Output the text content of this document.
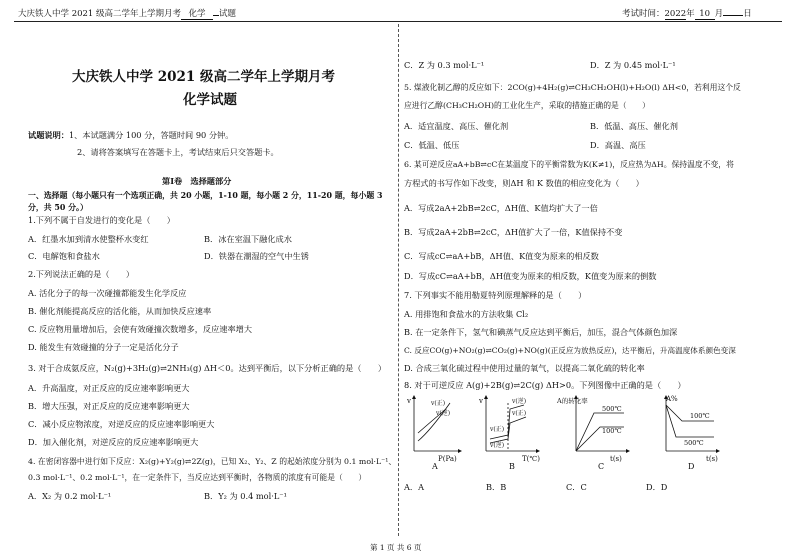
大庆铁人中学 2021 级高二学年上学期月考 化学 试题	考试时间：2022年 10 月 日
大庆铁人中学 2021 级高二学年上学期月考
化学试题
试题说明：1、本试题满分 100 分，答题时间 90 分钟。
2、请将答案填写在答题卡上，考试结束后只交答题卡。
第Ⅰ卷　选择题部分
一、选择题（每小题只有一个选项正确，共 20 小题，1-10 题，每小题 2 分，11-20 题，每小题 3
分，共 50 分。）
1.下列不属于自发进行的变化是（　　）
A．红墨水加到清水使整杯水变红	B．冰在室温下融化成水
C．电解饱和食盐水	D．铁器在潮湿的空气中生锈
2.下列说法正确的是（　　）
A. 活化分子的每一次碰撞都能发生化学反应
B. 催化剂能提高反应的活化能，从而加快反应速率
C. 反应物用量增加后，会使有效碰撞次数增多，反应速率增大
D. 能发生有效碰撞的分子一定是活化分子
3. 对于合成氨反应，N₂(g)+3H₂(g)⇌2NH₃(g) ΔH＜0。达到平衡后，以下分析正确的是（　　）
A．升高温度，对正反应的反应速率影响更大
B．增大压强，对正反应的反应速率影响更大
C．减小反应物浓度，对逆反应的反应速率影响更大
D．加入催化剂，对逆反应的反应速率影响更大
4. 在密闭容器中进行如下反应：X₂(g)+Y₂(g)⇌2Z(g)，已知 X₂、Y₂、Z 的起始浓度分别为 0.1 mol·L⁻¹、
0.3 mol·L⁻¹、0.2 mol·L⁻¹，在一定条件下，当反应达到平衡时，各物质的浓度有可能是（　　）
A．X₂ 为 0.2 mol·L⁻¹	B．Y₂ 为 0.4 mol·L⁻¹
C．Z 为 0.3 mol·L⁻¹	D．Z 为 0.45 mol·L⁻¹
5. 煤液化制乙醇的反应如下：2CO(g)+4H₂(g)⇌CH₃CH₂OH(l)+H₂O(l) ΔH<0，若利用这个反
应进行乙醇(CH₃CH₂OH)的工业化生产，采取的措施正确的是（　　）
A．适宜温度、高压、催化剂	B．低温、高压、催化剂
C．低温、低压	D．高温、高压
6. 某可逆反应aA+bB⇌cC在某温度下的平衡常数为K(K≠1)，反应热为ΔH。保持温度不变，将
方程式的书写作如下改变，则ΔH 和 K 数值的相应变化为（　　）
A．写成2aA+2bB⇌2cC，ΔH值、K值均扩大了一倍
B．写成2aA+2bB⇌2cC，ΔH值扩大了一倍，K值保持不变
C．写成cC⇌aA+bB，ΔH值、K值变为原来的相反数
D．写成cC⇌aA+bB，ΔH值变为原来的相反数，K值变为原来的倒数
7. 下列事实不能用勒夏特列原理解释的是（　　）
A. 用排饱和食盐水的方法收集 Cl₂
B. 在一定条件下，氢气和碘蒸气反应达到平衡后，加压，混合气体颜色加深
C. 反应CO(g)+NO₂(g)⇌CO₂(g)+NO(g)(正反应为放热反应)，达平衡后，升高温度体系颜色变深
D. 合成三氧化硫过程中使用过量的氧气，以提高二氧化硫的转化率
8. 对于可逆反应 A(g)+2B(g)⇌2C(g) ΔH>0。下列图像中正确的是（　　）
v
P(Pa)
v(正)
v(逆)
A
v
T(℃)
v(逆)
v(正)
v(正)
v(逆)
B
A的转化率
t(s)
500℃
100℃
C
A%
t(s)
100℃
500℃
D
A．A	B．B	C．C	D．D
第 1 页 共 6 页
